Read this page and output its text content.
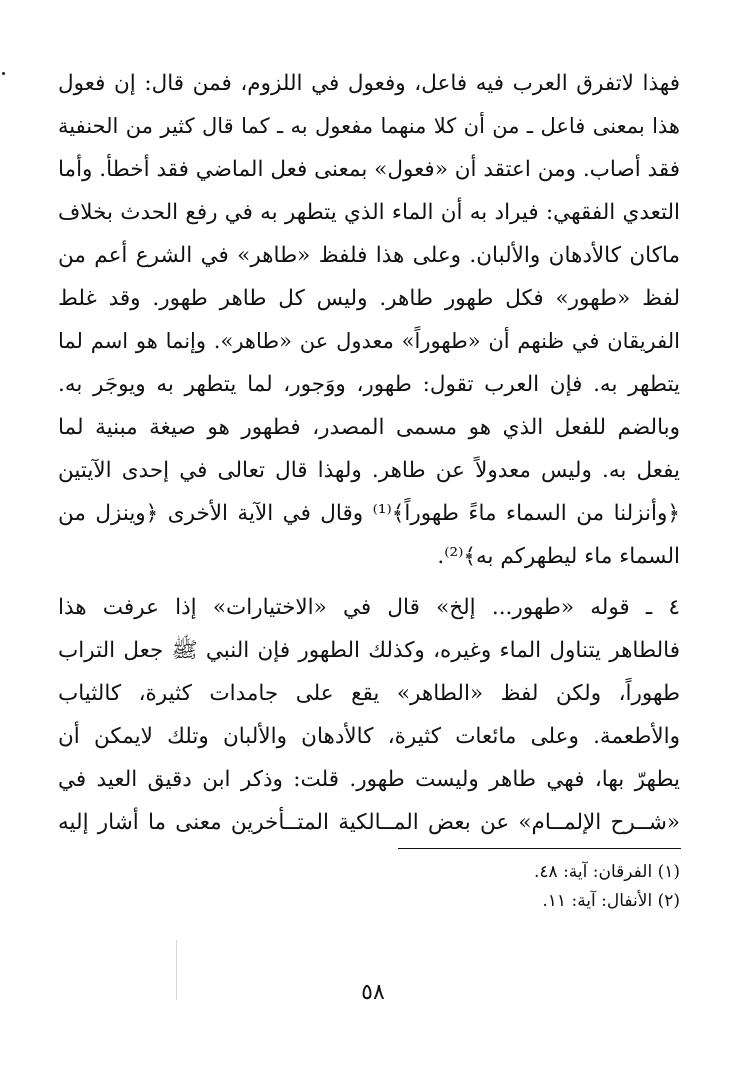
فهذا لاتفرق العرب فيه فاعل، وفعول في اللزوم، فمن قال: إن فعول
هذا بمعنى فاعل ـ من أن كلا منهما مفعول به ـ كما قال كثير من الحنفية
فقد أصاب. ومن اعتقد أن «فعول» بمعنى فعل الماضي فقد أخطأ. وأما
التعدي الفقهي: فيراد به أن الماء الذي يتطهر به في رفع الحدث بخلاف
ماكان كالأدهان والألبان. وعلى هذا فلفظ «طاهر» في الشرع أعم من
لفظ «طهور» فكل طهور طاهر. وليس كل طاهر طهور. وقد غلط
الفريقان في ظنهم أن «طهوراً» معدول عن «طاهر». وإنما هو اسم لما
يتطهر به. فإن العرب تقول: طهور، ووَجور، لما يتطهر به ويوجَر به.
وبالضم للفعل الذي هو مسمى المصدر، فطهور هو صيغة مبنية لما
يفعل به. وليس معدولاً عن طاهر. ولهذا قال تعالى في إحدى الآيتين
﴿وأنزلنا من السماء ماءً طهوراً﴾⁽¹⁾ وقال في الآية الأخرى ﴿وينزل من
السماء ماء ليطهركم به﴾⁽²⁾.
٤ ـ قوله «طهور... إلخ» قال في «الاختيارات» إذا عرفت هذا
فالطاهر يتناول الماء وغيره، وكذلك الطهور فإن النبي ﷺ جعل التراب
طهوراً، ولكن لفظ «الطاهر» يقع على جامدات كثيرة، كالثياب
والأطعمة. وعلى مائعات كثيرة، كالأدهان والألبان وتلك لايمكن أن
يطهرّ بها، فهي طاهر وليست طهور. قلت: وذكر ابن دقيق العيد في
«شــرح الإلمــام» عن بعض المــالكية المتــأخرين معنى ما أشار إليه
(١) الفرقان: آية: ٤٨.
(٢) الأنفال: آية: ١١.
٥٨
